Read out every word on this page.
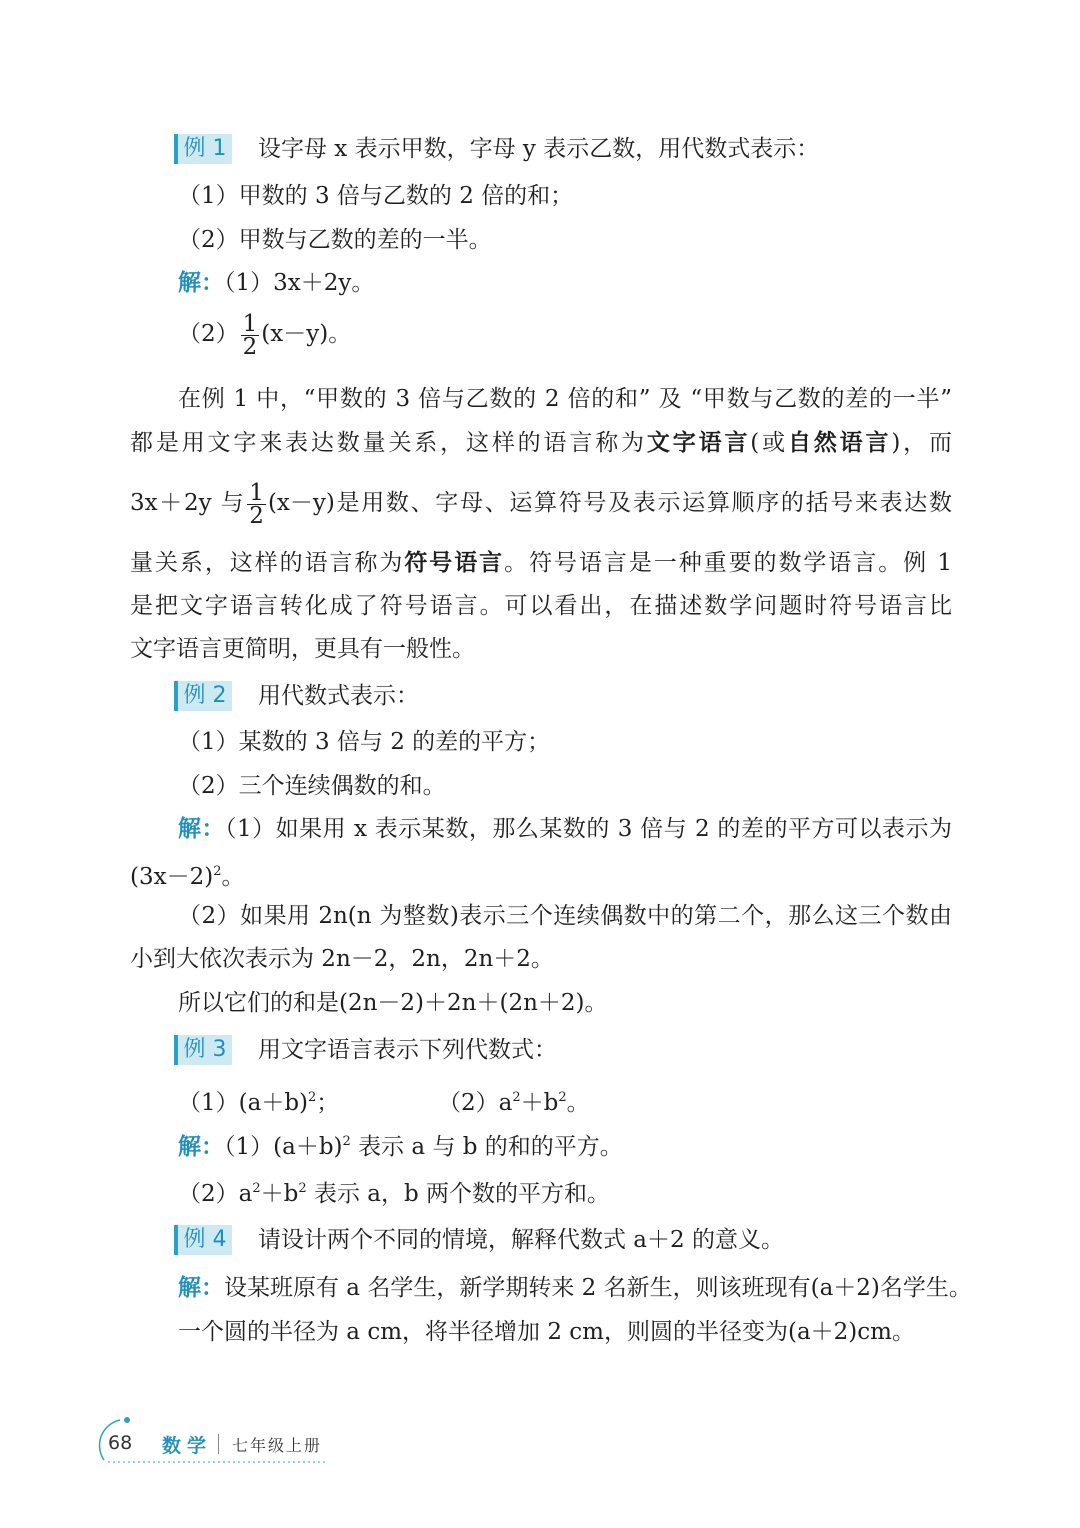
例 1 设字母 x 表示甲数，字母 y 表示乙数，用代数式表示：
（1）甲数的 3 倍与乙数的 2 倍的和；
（2）甲数与乙数的差的一半。
解：（1）3x＋2y。
$(2) \frac{1}{2} (x-y)$。
在例 1 中，“甲数的 3 倍与乙数的 2 倍的和” 及 “甲数与乙数的差的一半”
都是用文字来表达数量关系，这样的语言称为文字语言(或自然语言)，而
3x＋2y 与 $\frac{1}{2} (x-y)$是用数、字母、运算符号及表示运算顺序的括号来表达数
量关系，这样的语言称为符号语言。符号语言是一种重要的数学语言。例 1
是把文字语言转化成了符号语言。可以看出，在描述数学问题时符号语言比
文字语言更简明，更具有一般性。
例 2 用代数式表示：
（1）某数的 3 倍与 2 的差的平方；
（2）三个连续偶数的和。
解：（1）如果用 x 表示某数，那么某数的 3 倍与 2 的差的平方可以表示为
$(3x-2)^2$。
（2）如果用 2n(n 为整数)表示三个连续偶数中的第二个，那么这三个数由
小到大依次表示为 2n－2，2n，2n＋2。
所以它们的和是(2n－2)＋2n＋(2n＋2)。
例 3 用文字语言表示下列代数式：
$(1)(a+b)^2$；	$(2)a^2+b^2$。
解：$(1)(a+b)^2$ 表示 a 与 b 的和的平方。
$(2)a^2+b^2$ 表示 a，b 两个数的平方和。
例 4 请设计两个不同的情境，解释代数式 a＋2 的意义。
解：设某班原有 a 名学生，新学期转来 2 名新生，则该班现有(a＋2)名学生。
一个圆的半径为 a cm，将半径增加 2 cm，则圆的半径变为(a＋2)cm。
68 数学 七年级上册
